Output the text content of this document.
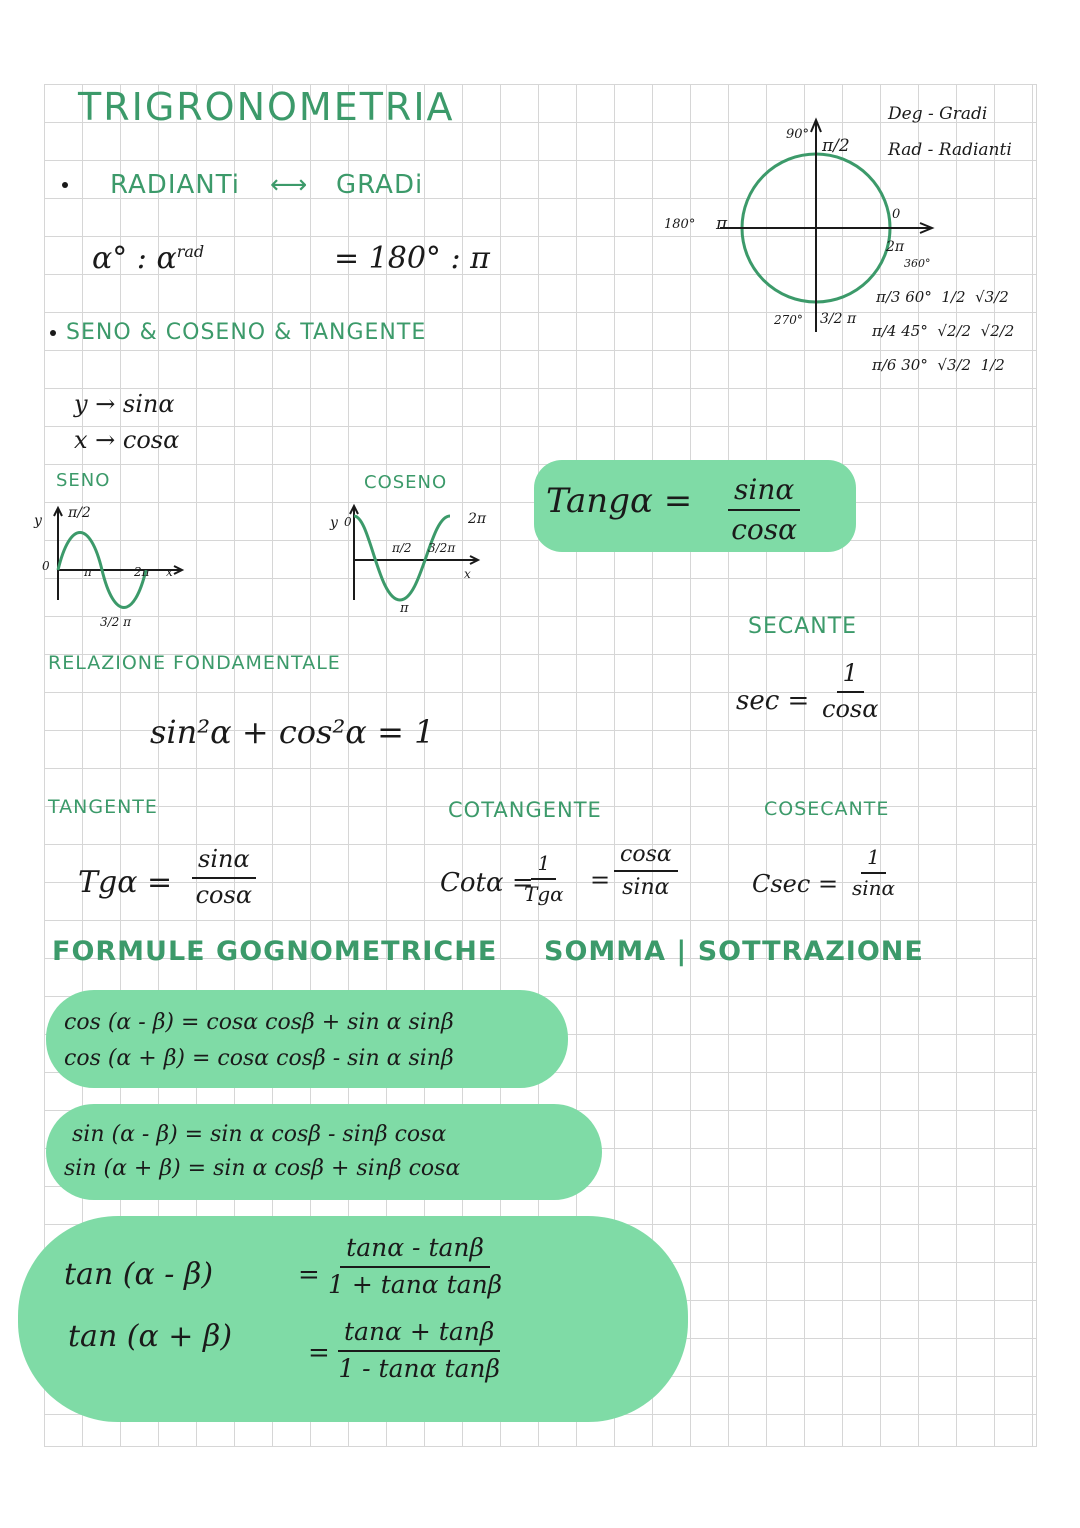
TRIGRONOMETRIA
RADIANTi ⟷ GRADi
α° : $\alpha^{rad}$	= 180° : π
SENO & COSENO & TANGENTE
y → sinα
x → cosα
SENO
y
0
π/2
π	2π x
3/2 π
COSENO
y 0
π/2 3/2π
2π
x
π
90°
π/2
180° π	0
2π
360°
270° 3/2 π
Deg - Gradi
Rad - Radianti
π/3 60° 1/2 √3/2
π/4 45° √2/2 √2/2
π/6 30° √3/2 1/2
Tangα = $\frac{\sin\alpha}{\cos\alpha}$
RELAZIONE FONDAMENTALE
sin²α + cos²α = 1
SECANTE
$\sec = \frac{1}{\cos\alpha}$
TANGENTE
$Tg\alpha = \frac{\sin\alpha}{\cos\alpha}$
COTANGENTE
Cotα =
1
$Tg\alpha = \frac{\cos\alpha}{\sin\alpha}$
COSECANTE
$Csec = \frac{1}{\sin\alpha}$
FORMULE GOGNOMETRICHE SOMMA | SOTTRAZIONE
cos (α - β) = cosα cosβ + sin α sinβ
cos (α + β) = cosα cosβ - sin α sinβ
sin (α - β) = sin α cosβ - sinβ cosα
sin (α + β) = sin α cosβ + sinβ cosα
tan (α - β)	= $\frac{\tan\alpha - \tan\beta}{\text{1 + tanα tanβ}}$
tan (α + β)	= $\frac{\tan\alpha + \tan\beta}{\text{1 - tanα tanβ}}$
